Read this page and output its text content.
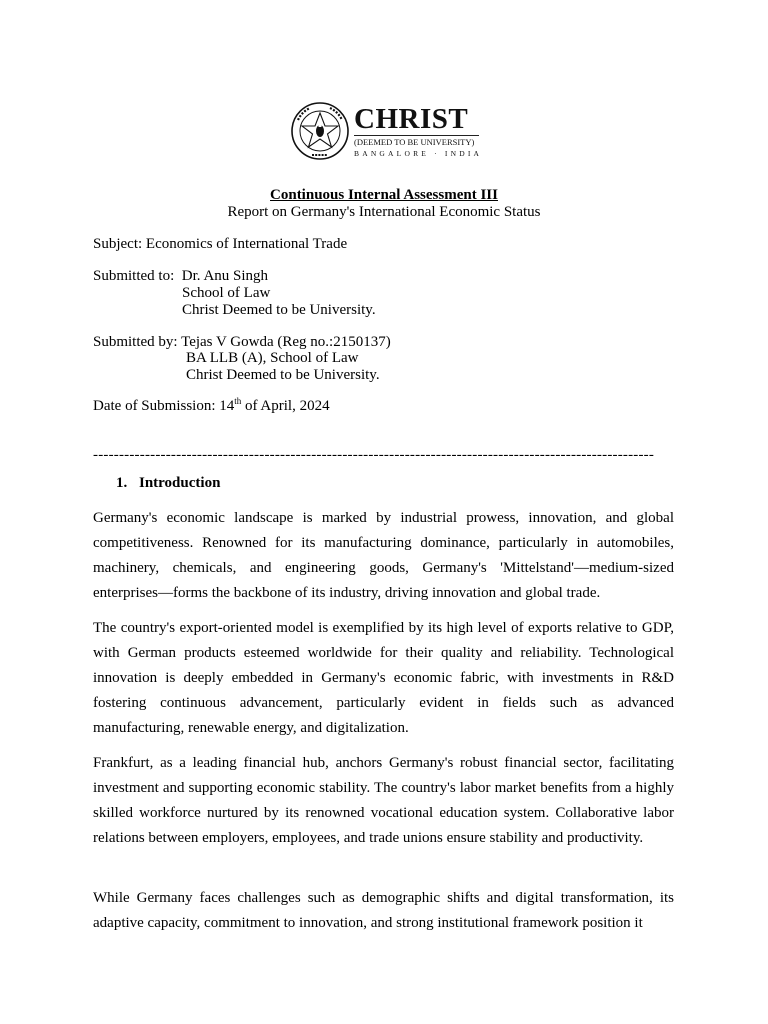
CHRIST
(DEEMED TO BE UNIVERSITY)
BANGALORE · INDIA
Continuous Internal Assessment III
Report on Germany's International Economic Status
Subject: Economics of International Trade
Submitted to: Dr. Anu Singh
School of Law
Christ Deemed to be University.
Submitted by: Tejas V Gowda (Reg no.:2150137)
BA LLB (A), School of Law
Christ Deemed to be University.
Date of Submission: 14th of April, 2024
------------------------------------------------------------------------------------------------------------
1. Introduction

Germany's economic landscape is marked by industrial prowess, innovation, and global competitiveness. Renowned for its manufacturing dominance, particularly in automobiles, machinery, chemicals, and engineering goods, Germany's 'Mittelstand'—medium-sized enterprises—forms the backbone of its industry, driving innovation and global trade.

The country's export-oriented model is exemplified by its high level of exports relative to GDP, with German products esteemed worldwide for their quality and reliability. Technological innovation is deeply embedded in Germany's economic fabric, with investments in R&D fostering continuous advancement, particularly evident in fields such as advanced manufacturing, renewable energy, and digitalization.

Frankfurt, as a leading financial hub, anchors Germany's robust financial sector, facilitating investment and supporting economic stability. The country's labor market benefits from a highly skilled workforce nurtured by its renowned vocational education system. Collaborative labor relations between employers, employees, and trade unions ensure stability and productivity.

While Germany faces challenges such as demographic shifts and digital transformation, its adaptive capacity, commitment to innovation, and strong institutional framework position it
